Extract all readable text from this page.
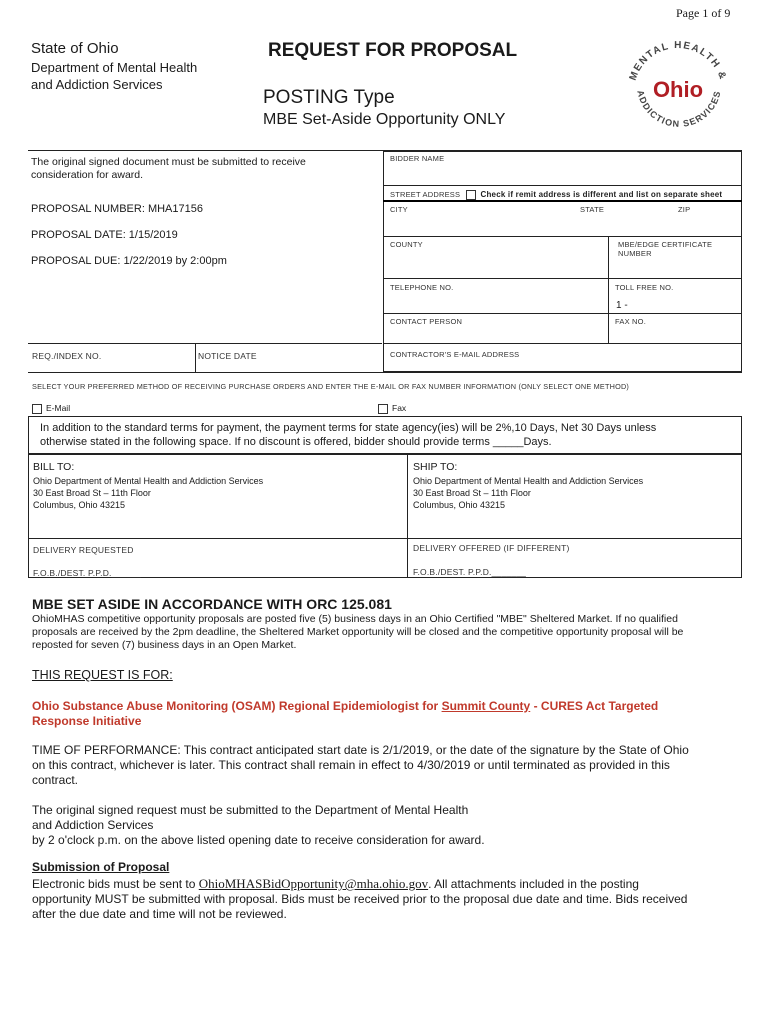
Page 1 of 9
State of Ohio
Department of Mental Health
and Addiction Services
REQUEST FOR PROPOSAL
POSTING Type
MBE Set-Aside Opportunity ONLY
MENTAL HEALTH &
ADDICTION SERVICES
Ohio
The original signed document must be submitted to receive
consideration for award.
PROPOSAL NUMBER: MHA17156
PROPOSAL DATE: 1/15/2019
PROPOSAL DUE: 1/22/2019 by 2:00pm
BIDDER NAME
STREET ADDRESS	Check if remit address is different and list on separate sheet
CITY	STATE	ZIP
COUNTY	MBE/EDGE CERTIFICATE NUMBER
TELEPHONE NO.	TOLL FREE NO.
1 -
CONTACT PERSON	FAX NO.
CONTRACTOR'S E-MAIL ADDRESS
REQ./INDEX NO.	NOTICE DATE
SELECT YOUR PREFERRED METHOD OF RECEIVING PURCHASE ORDERS AND ENTER THE E-MAIL OR FAX NUMBER INFORMATION (ONLY SELECT ONE METHOD)
E-Mail	Fax
In addition to the standard terms for payment, the payment terms for state agency(ies) will be 2%,10 Days, Net 30 Days unless
otherwise stated in the following space. If no discount is offered, bidder should provide terms _____Days.
BILL TO:
Ohio Department of Mental Health and Addiction Services
30 East Broad St – 11th Floor
Columbus, Ohio 43215
SHIP TO:
Ohio Department of Mental Health and Addiction Services
30 East Broad St – 11th Floor
Columbus, Ohio 43215
DELIVERY REQUESTED	DELIVERY OFFERED (IF DIFFERENT)
F.O.B./DEST. P.P.D.______	F.O.B./DEST. P.P.D._______
MBE SET ASIDE IN ACCORDANCE WITH ORC 125.081
OhioMHAS competitive opportunity proposals are posted five (5) business days in an Ohio Certified "MBE" Sheltered Market. If no qualified
proposals are received by the 2pm deadline, the Sheltered Market opportunity will be closed and the competitive opportunity proposal will be
reposted for seven (7) business days in an Open Market.
THIS REQUEST IS FOR:
Ohio Substance Abuse Monitoring (OSAM) Regional Epidemiologist for Summit County - CURES Act Targeted
Response Initiative
TIME OF PERFORMANCE: This contract anticipated start date is 2/1/2019, or the date of the signature by the State of Ohio
on this contract, whichever is later. This contract shall remain in effect to 4/30/2019 or until terminated as provided in this
contract.
The original signed request must be submitted to the Department of Mental Health
and Addiction Services
by 2 o'clock p.m. on the above listed opening date to receive consideration for award.
Submission of Proposal
Electronic bids must be sent to OhioMHASBidOpportunity@mha.ohio.gov. All attachments included in the posting
opportunity MUST be submitted with proposal. Bids must be received prior to the proposal due date and time. Bids received
after the due date and time will not be reviewed.
